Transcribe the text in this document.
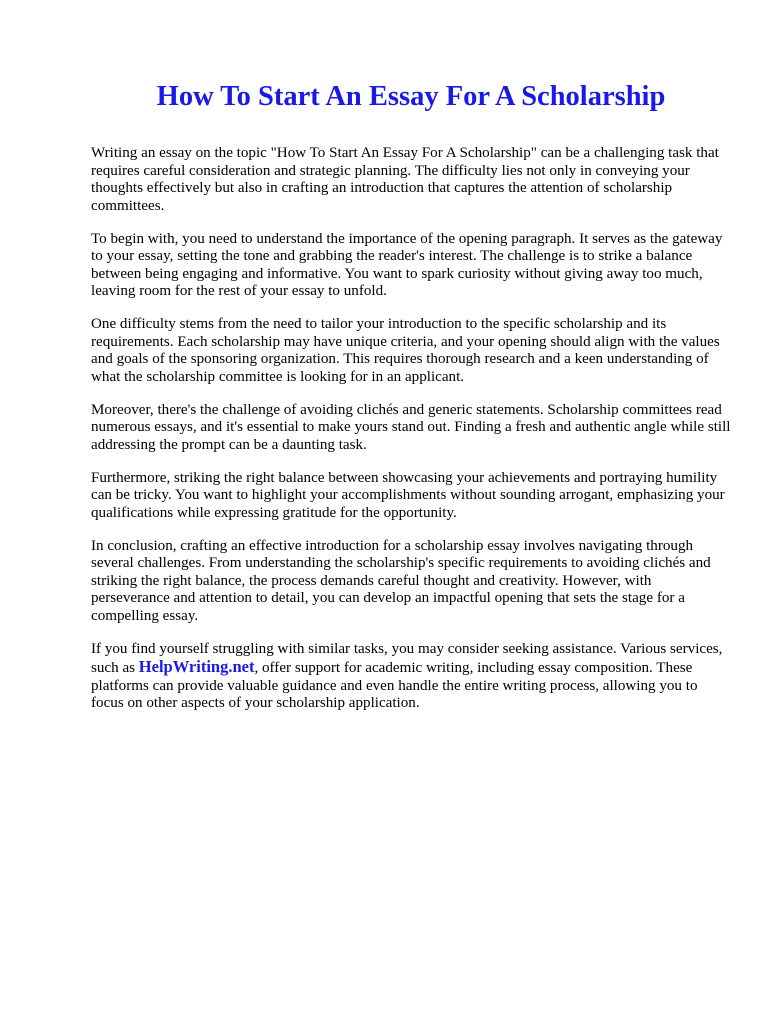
How To Start An Essay For A Scholarship

Writing an essay on the topic "How To Start An Essay For A Scholarship" can be a challenging task that requires careful consideration and strategic planning. The difficulty lies not only in conveying your thoughts effectively but also in crafting an introduction that captures the attention of scholarship committees.

To begin with, you need to understand the importance of the opening paragraph. It serves as the gateway to your essay, setting the tone and grabbing the reader's interest. The challenge is to strike a balance between being engaging and informative. You want to spark curiosity without giving away too much, leaving room for the rest of your essay to unfold.

One difficulty stems from the need to tailor your introduction to the specific scholarship and its requirements. Each scholarship may have unique criteria, and your opening should align with the values and goals of the sponsoring organization. This requires thorough research and a keen understanding of what the scholarship committee is looking for in an applicant.

Moreover, there's the challenge of avoiding clichés and generic statements. Scholarship committees read numerous essays, and it's essential to make yours stand out. Finding a fresh and authentic angle while still addressing the prompt can be a daunting task.

Furthermore, striking the right balance between showcasing your achievements and portraying humility can be tricky. You want to highlight your accomplishments without sounding arrogant, emphasizing your qualifications while expressing gratitude for the opportunity.

In conclusion, crafting an effective introduction for a scholarship essay involves navigating through several challenges. From understanding the scholarship's specific requirements to avoiding clichés and striking the right balance, the process demands careful thought and creativity. However, with perseverance and attention to detail, you can develop an impactful opening that sets the stage for a compelling essay.

If you find yourself struggling with similar tasks, you may consider seeking assistance. Various services, such as HelpWriting.net, offer support for academic writing, including essay composition. These platforms can provide valuable guidance and even handle the entire writing process, allowing you to focus on other aspects of your scholarship application.
